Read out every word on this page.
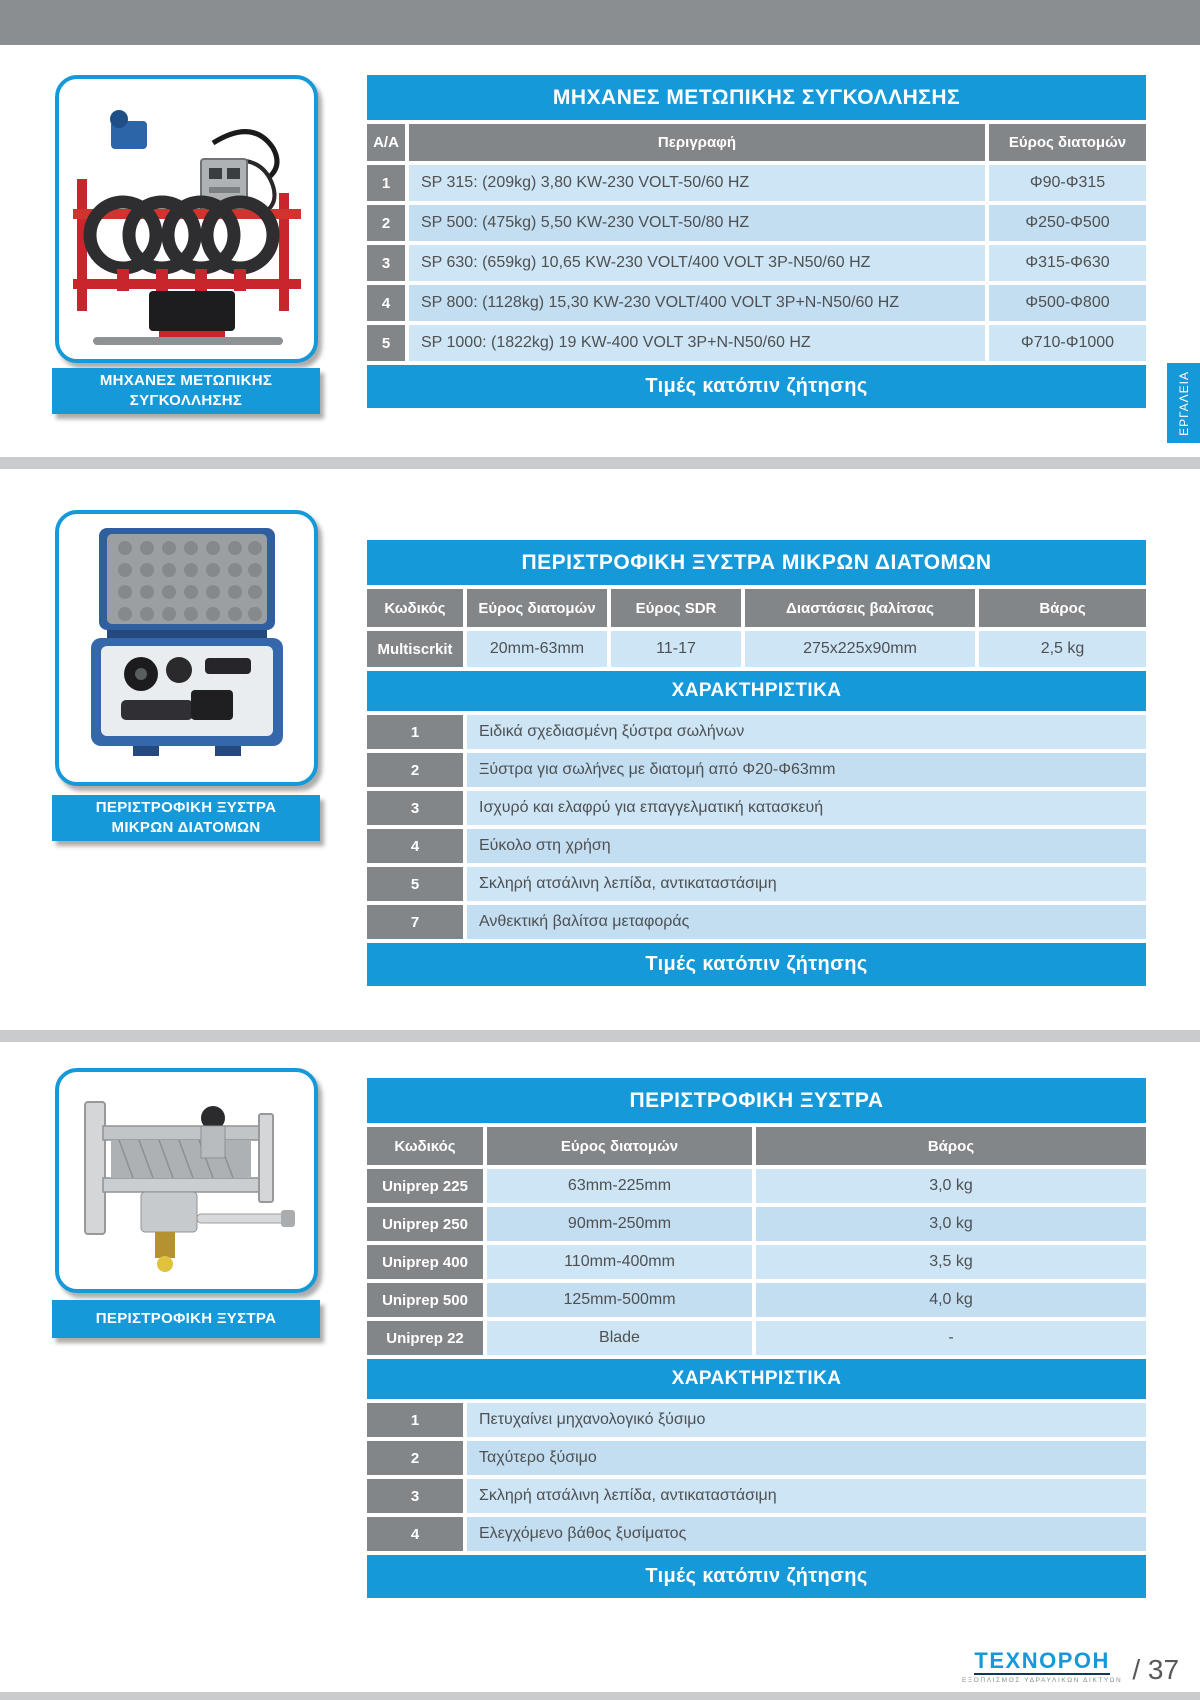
ΕΡΓΑΛΕΙΑ
ΜΗΧΑΝΕΣ ΜΕΤΩΠΙΚΗΣ
ΣΥΓΚΟΛΛΗΣΗΣ
ΜΗΧΑΝΕΣ ΜΕΤΩΠΙΚΗΣ ΣΥΓΚΟΛΛΗΣΗΣ
Α/Α	Περιγραφή	Εύρος διατομών
1	SP 315: (209kg) 3,80 KW-230 VOLT-50/60 HZ	Φ90-Φ315
2	SP 500: (475kg) 5,50 KW-230 VOLT-50/80 HZ	Φ250-Φ500
3	SP 630: (659kg) 10,65 KW-230 VOLT/400 VOLT 3P-N50/60 HZ	Φ315-Φ630
4	SP 800: (1128kg) 15,30 KW-230 VOLT/400 VOLT 3P+N-N50/60 HZ	Φ500-Φ800
5	SP 1000: (1822kg) 19 KW-400 VOLT 3P+N-N50/60 HZ	Φ710-Φ1000
Τιμές κατόπιν ζήτησης
ΠΕΡΙΣΤΡΟΦΙΚΗ ΞΥΣΤΡΑ
ΜΙΚΡΩΝ ΔΙΑΤΟΜΩΝ
ΠΕΡΙΣΤΡΟΦΙΚΗ ΞΥΣΤΡΑ ΜΙΚΡΩΝ ΔΙΑΤΟΜΩΝ
Κωδικός	Εύρος διατομών	Εύρος SDR	Διαστάσεις βαλίτσας	Βάρος
Multiscrkit	20mm-63mm	11-17	275x225x90mm	2,5 kg
ΧΑΡΑΚΤΗΡΙΣΤΙΚΑ
1	Ειδικά σχεδιασμένη ξύστρα σωλήνων
2	Ξύστρα για σωλήνες με διατομή από Φ20-Φ63mm
3	Ισχυρό και ελαφρύ για επαγγελματική κατασκευή
4	Εύκολο στη χρήση
5	Σκληρή ατσάλινη λεπίδα, αντικαταστάσιμη
7	Ανθεκτική βαλίτσα μεταφοράς
Τιμές κατόπιν ζήτησης
ΠΕΡΙΣΤΡΟΦΙΚΗ ΞΥΣΤΡΑ
ΠΕΡΙΣΤΡΟΦΙΚΗ ΞΥΣΤΡΑ
Κωδικός	Εύρος διατομών	Βάρος
Uniprep 225	63mm-225mm	3,0 kg
Uniprep 250	90mm-250mm	3,0 kg
Uniprep 400	110mm-400mm	3,5 kg
Uniprep 500	125mm-500mm	4,0 kg
Uniprep 22	Blade	-
ΧΑΡΑΚΤΗΡΙΣΤΙΚΑ
1	Πετυχαίνει μηχανολογικό ξύσιμο
2	Ταχύτερο ξύσιμο
3	Σκληρή ατσάλινη λεπίδα, αντικαταστάσιμη
4	Ελεγχόμενο βάθος ξυσίματος
Τιμές κατόπιν ζήτησης
ΤΕΧΝΟΡΟΗ
ΕΞΟΠΛΙΣΜΟΣ ΥΔΡΑΥΛΙΚΩΝ ΔΙΚΤΥΩΝ / 37
